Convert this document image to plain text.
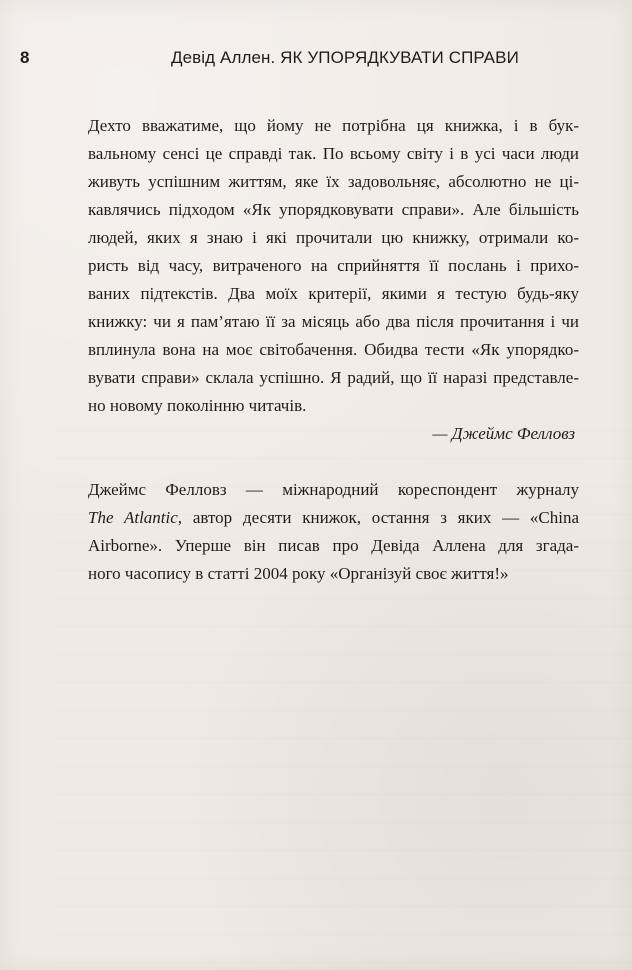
8	Девід Аллен. ЯК УПОРЯДКУВАТИ СПРАВИ
Дехто вважатиме, що йому не потрібна ця книжка, і в бук-
вальному сенсі це справді так. По всьому світу і в усі часи люди
живуть успішним життям, яке їх задовольняє, абсолютно не ці-
кавлячись підходом «Як упорядковувати справи». Але більшість
людей, яких я знаю і які прочитали цю книжку, отримали ко-
ристь від часу, витраченого на сприйняття її послань і прихо-
ваних підтекстів. Два моїх критерії, якими я тестую будь-яку
книжку: чи я пам’ятаю її за місяць або два після прочитання і чи
вплинула вона на моє світобачення. Обидва тести «Як упорядко-
вувати справи» склала успішно. Я радий, що її наразі представле-
но новому поколінню читачів.
— Джеймс Фелловз
Джеймс Фелловз — міжнародний кореспондент журналу
The Atlantic, автор десяти книжок, остання з яких — «China
Airborne». Уперше він писав про Девіда Аллена для згада-
ного часопису в статті 2004 року «Організуй своє життя!»
